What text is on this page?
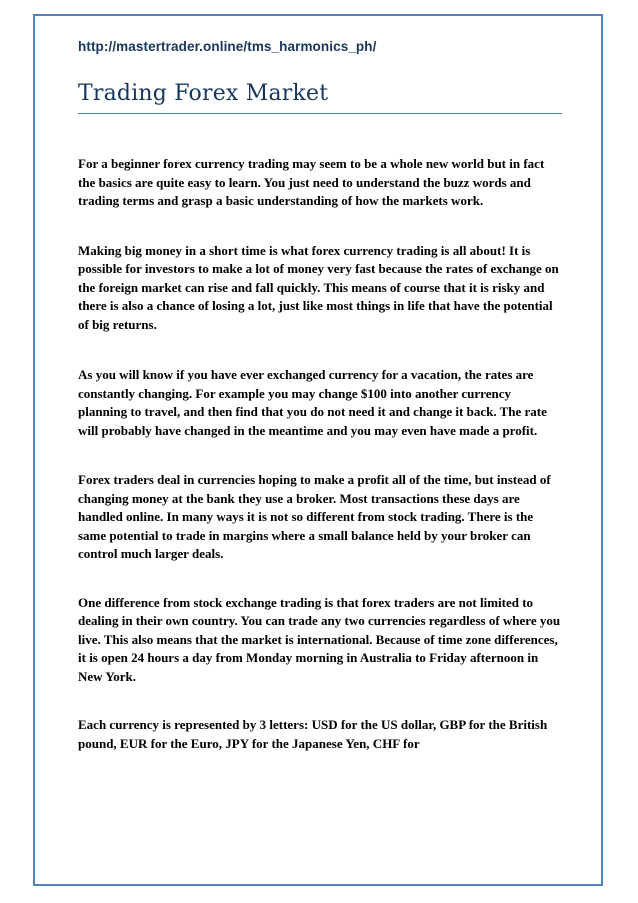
http://mastertrader.online/tms_harmonics_ph/
Trading Forex Market

For a beginner forex currency trading may seem to be a whole new world but in fact the basics are quite easy to learn. You just need to understand the buzz words and trading terms and grasp a basic understanding of how the markets work.

Making big money in a short time is what forex currency trading is all about! It is possible for investors to make a lot of money very fast because the rates of exchange on the foreign market can rise and fall quickly. This means of course that it is risky and there is also a chance of losing a lot, just like most things in life that have the potential of big returns.

As you will know if you have ever exchanged currency for a vacation, the rates are constantly changing. For example you may change $100 into another currency planning to travel, and then find that you do not need it and change it back. The rate will probably have changed in the meantime and you may even have made a profit.

Forex traders deal in currencies hoping to make a profit all of the time, but instead of changing money at the bank they use a broker. Most transactions these days are handled online. In many ways it is not so different from stock trading. There is the same potential to trade in margins where a small balance held by your broker can control much larger deals.

One difference from stock exchange trading is that forex traders are not limited to dealing in their own country. You can trade any two currencies regardless of where you live. This also means that the market is international. Because of time zone differences, it is open 24 hours a day from Monday morning in Australia to Friday afternoon in New York.

Each currency is represented by 3 letters: USD for the US dollar, GBP for the British pound, EUR for the Euro, JPY for the Japanese Yen, CHF for
